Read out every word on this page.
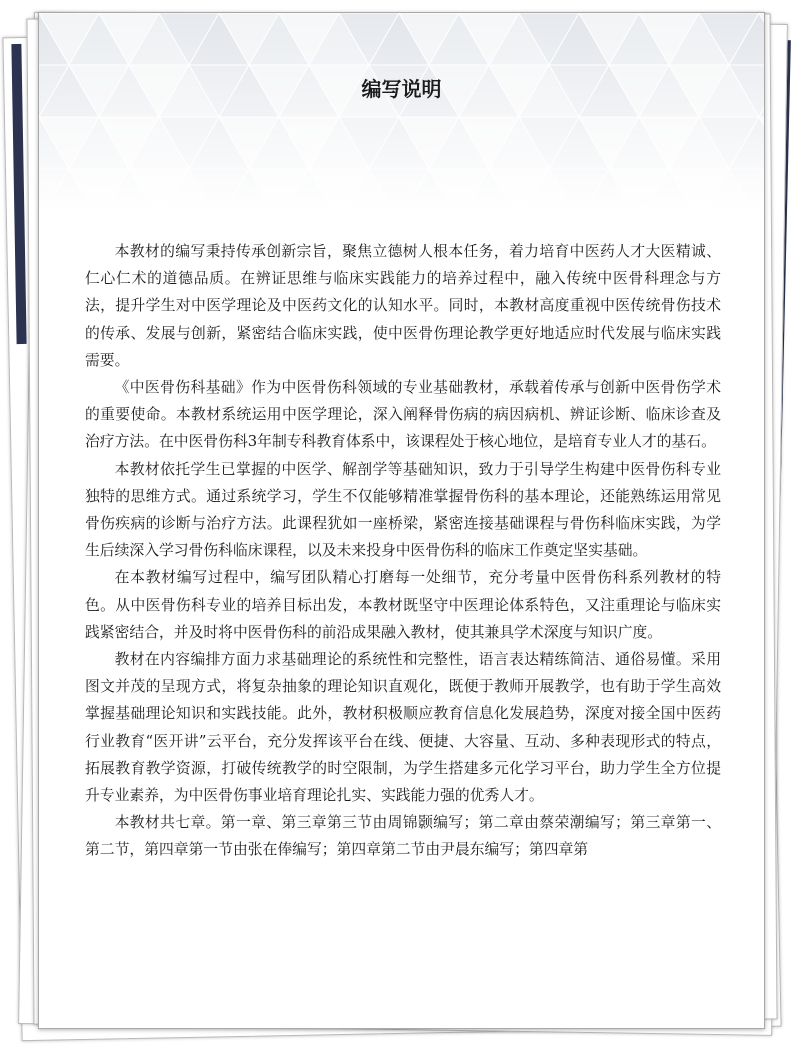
编写说明

本教材的编写秉持传承创新宗旨，聚焦立德树人根本任务，着力培育中医药人才大医精诚、仁心仁术的道德品质。在辨证思维与临床实践能力的培养过程中，融入传统中医骨科理念与方法，提升学生对中医学理论及中医药文化的认知水平。同时，本教材高度重视中医传统骨伤技术的传承、发展与创新，紧密结合临床实践，使中医骨伤理论教学更好地适应时代发展与临床实践需要。

《中医骨伤科基础》作为中医骨伤科领域的专业基础教材，承载着传承与创新中医骨伤学术的重要使命。本教材系统运用中医学理论，深入阐释骨伤病的病因病机、辨证诊断、临床诊查及治疗方法。在中医骨伤科3年制专科教育体系中，该课程处于核心地位，是培育专业人才的基石。

本教材依托学生已掌握的中医学、解剖学等基础知识，致力于引导学生构建中医骨伤科专业独特的思维方式。通过系统学习，学生不仅能够精准掌握骨伤科的基本理论，还能熟练运用常见骨伤疾病的诊断与治疗方法。此课程犹如一座桥梁，紧密连接基础课程与骨伤科临床实践，为学生后续深入学习骨伤科临床课程，以及未来投身中医骨伤科的临床工作奠定坚实基础。

在本教材编写过程中，编写团队精心打磨每一处细节，充分考量中医骨伤科系列教材的特色。从中医骨伤科专业的培养目标出发，本教材既坚守中医理论体系特色，又注重理论与临床实践紧密结合，并及时将中医骨伤科的前沿成果融入教材，使其兼具学术深度与知识广度。

教材在内容编排方面力求基础理论的系统性和完整性，语言表达精练简洁、通俗易懂。采用图文并茂的呈现方式，将复杂抽象的理论知识直观化，既便于教师开展教学，也有助于学生高效掌握基础理论知识和实践技能。此外，教材积极顺应教育信息化发展趋势，深度对接全国中医药行业教育“医开讲”云平台，充分发挥该平台在线、便捷、大容量、互动、多种表现形式的特点，拓展教育教学资源，打破传统教学的时空限制，为学生搭建多元化学习平台，助力学生全方位提升专业素养，为中医骨伤事业培育理论扎实、实践能力强的优秀人才。

本教材共七章。第一章、第三章第三节由周锦颢编写；第二章由蔡荣潮编写；第三章第一、第二节，第四章第一节由张在俸编写；第四章第二节由尹晨东编写；第四章第
